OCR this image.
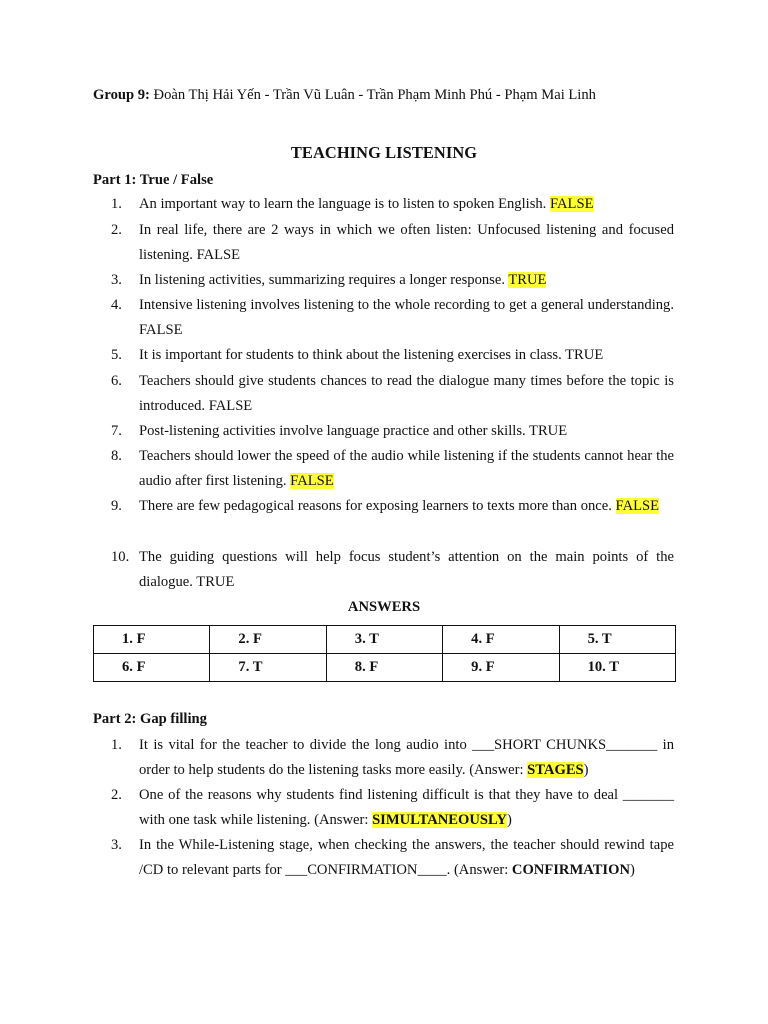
Group 9: Đoàn Thị Hải Yến - Trần Vũ Luân - Trần Phạm Minh Phú - Phạm Mai Linh
TEACHING LISTENING
Part 1: True / False
1.	An important way to learn the language is to listen to spoken English. FALSE
2.	In real life, there are 2 ways in which we often listen: Unfocused listening and focused listening. FALSE
3.	In listening activities, summarizing requires a longer response. TRUE
4.	Intensive listening involves listening to the whole recording to get a general understanding. FALSE
5.	It is important for students to think about the listening exercises in class. TRUE
6.	Teachers should give students chances to read the dialogue many times before the topic is introduced. FALSE
7.	Post-listening activities involve language practice and other skills. TRUE
8.	Teachers should lower the speed of the audio while listening if the students cannot hear the audio after first listening. FALSE
9.	There are few pedagogical reasons for exposing learners to texts more than once. FALSE
10. The guiding questions will help focus student’s attention on the main points of the dialogue. TRUE
ANSWERS
1. F	2. F	3. T	4. F	5. T
6. F	7. T	8. F	9. F	10. T
Part 2: Gap filling
1.	It is vital for the teacher to divide the long audio into ___SHORT CHUNKS_______ in order to help students do the listening tasks more easily. (Answer: STAGES)
2.	One of the reasons why students find listening difficult is that they have to deal _______ with one task while listening. (Answer: SIMULTANEOUSLY)
3.	In the While-Listening stage, when checking the answers, the teacher should rewind tape /CD to relevant parts for ___CONFIRMATION____. (Answer: CONFIRMATION)
